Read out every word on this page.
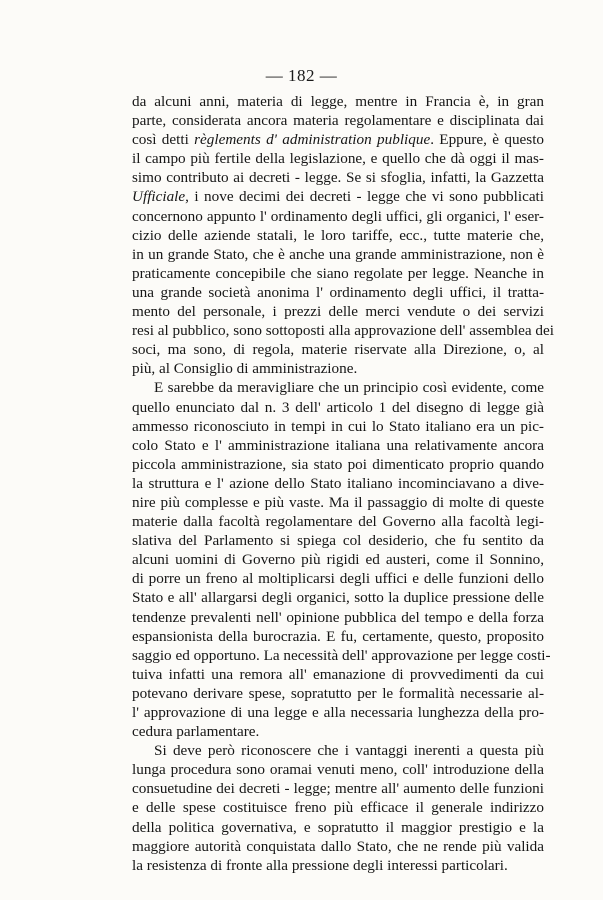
— 182 —
da alcuni anni, materia di legge, mentre in Francia è, in gran
parte, considerata ancora materia regolamentare e disciplinata dai
così detti règlements d' administration publique. Eppure, è questo
il campo più fertile della legislazione, e quello che dà oggi il mas-
simo contributo ai decreti - legge. Se si sfoglia, infatti, la Gazzetta
Ufficiale, i nove decimi dei decreti - legge che vi sono pubblicati
concernono appunto l' ordinamento degli uffici, gli organici, l' eser-
cizio delle aziende statali, le loro tariffe, ecc., tutte materie che,
in un grande Stato, che è anche una grande amministrazione, non è
praticamente concepibile che siano regolate per legge. Neanche in
una grande società anonima l' ordinamento degli uffici, il tratta-
mento del personale, i prezzi delle merci vendute o dei servizi
resi al pubblico, sono sottoposti alla approvazione dell' assemblea dei
soci, ma sono, di regola, materie riservate alla Direzione, o, al
più, al Consiglio di amministrazione.
E sarebbe da meravigliare che un principio così evidente, come
quello enunciato dal n. 3 dell' articolo 1 del disegno di legge già
ammesso riconosciuto in tempi in cui lo Stato italiano era un pic-
colo Stato e l' amministrazione italiana una relativamente ancora
piccola amministrazione, sia stato poi dimenticato proprio quando
la struttura e l' azione dello Stato italiano incominciavano a dive-
nire più complesse e più vaste. Ma il passaggio di molte di queste
materie dalla facoltà regolamentare del Governo alla facoltà legi-
slativa del Parlamento si spiega col desiderio, che fu sentito da
alcuni uomini di Governo più rigidi ed austeri, come il Sonnino,
di porre un freno al moltiplicarsi degli uffici e delle funzioni dello
Stato e all' allargarsi degli organici, sotto la duplice pressione delle
tendenze prevalenti nell' opinione pubblica del tempo e della forza
espansionista della burocrazia. E fu, certamente, questo, proposito
saggio ed opportuno. La necessità dell' approvazione per legge costi-
tuiva infatti una remora all' emanazione di provvedimenti da cui
potevano derivare spese, sopratutto per le formalità necessarie al-
l' approvazione di una legge e alla necessaria lunghezza della pro-
cedura parlamentare.
Si deve però riconoscere che i vantaggi inerenti a questa più
lunga procedura sono oramai venuti meno, coll' introduzione della
consuetudine dei decreti - legge; mentre all' aumento delle funzioni
e delle spese costituisce freno più efficace il generale indirizzo
della politica governativa, e sopratutto il maggior prestigio e la
maggiore autorità conquistata dallo Stato, che ne rende più valida
la resistenza di fronte alla pressione degli interessi particolari.
